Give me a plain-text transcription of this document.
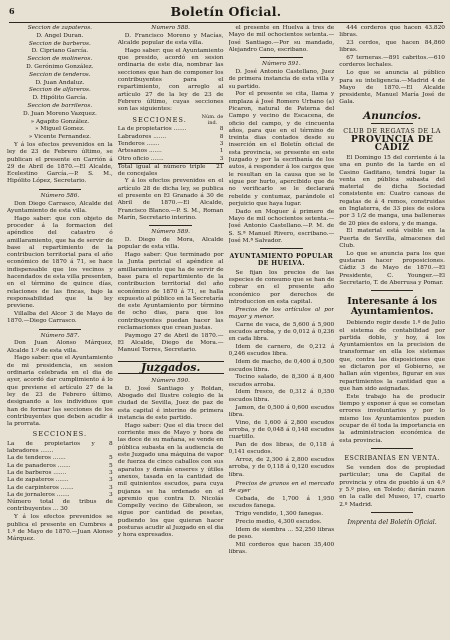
6	Boletín Oficial.

Seccion de zapateros.

D. Angel Duran.

Seccion de barberos.

D. Cipriano García.

Seccion de molineros.

D. Gerónimo González.

Seccion de tenderos.

D. Juan Andaluz.

Seccion de alfareros.

D. Hipólito García.

Seccion de barrileros.

D. Juan Moreno Vazquez.

» Agapito González.

» Miguel Gomez.

» Vicente Fernandez.

Y á los efectos prevenidos en la ley de 23 de Febrero último, se publican el presente en Carrión á 29 de Abril de 1870.—El Alcalde, Ecelestino García.—P. S. M., Hipólito López, Secretario.

Número 586.

Don Diego Carrasco, Alcalde del Ayuntamiento de esta villa.

Hago saber: que con objeto de proceder á la formacion del apéndice del catastro ó amillaramiento, que ha de servir de base al repartimiento de la contribucion territorial para el año económico de 1870 á 71, se hace indispensable que los vecinos y hacendados de esta villa presenten, en el término de quince días, relaciones de las fincas, bajo la responsabilidad que la ley previene.

Villalba del Alcor 3 de Mayo de 1870.—Diego Carrasco.

Número 587.

Don Juan Alonso Márquez, Alcalde 1.º de esta villa.

Hago saber: que el Ayuntamiento de mi presidencia, en sesion ordinaria celebrada en el dia de ayer, acordó dar cumplimiento á lo que previene el artículo 27 de la ley de 23 de Febrero último, designando a los individuos que han de formar las secciones de los contribuyentes que deben acudir á la prorrata.

SECCIONES.
La de propietarios y labradores .......	8
La de tenderos .......	5
La de panaderos .......	5
La de barberos .......	3
La de zapateros .......	3
La de carpinteros .......	3
La de jornaleros .......	3

Número total de tribus de contribuyentes ... 30

Y á los efectos prevenidos se publica el presente en Cumbres a 1.º de Mayo de 1870.—Juan Alonso Márquez.

Número 588.

D. Francisco Moreno y Macías, Alcalde popular de esta villa.

Hago saber: que el Ayuntamiento que presido, acordó en sesion ordinaria de este dia, nombrar las secciones que han de componer los contribuyentes para el repartimiento, con arreglo al artículo 27 de la ley de 23 de Febrero último, cuyas secciones son las siguientes:

SECCIONES.	Núm. de ind.
La de propietarios .......	8
Labradores .......	8
Tenderos .......	3
Artesanos .......	1
Otro oficio .......	3
Total igual al número triple de concejales	21

Y á los efectos prevenidos en el artículo 28 de dicha ley, se publica el presente en El Granado á 30 de Abril de 1870.—El Alcalde, Francisco Blanco.—P. S. M., Roman Marín, Secretario interino.

Número 589.

D. Diego de Mora, Alcalde popular de esta villa.

Hago saber: Que terminado por la Junta pericial el apéndice al amillaramiento que ha de servir de base para el repartimiento de la contribucion territorial del año económico de 1870 á 71, se halla expuesto al público en la Secretaría de este Ayuntamiento por término de ocho dias, para que los contribuyentes puedan hacer las reclamaciones que crean justas.

Paymogo 27 de Abril de 1870.—El Alcalde, Diego de Mora.—Manuel Torres, Secretario.

Juzgados.

Número 590.

D. José Santiago y Roldan, Abogado del Ilustre colegio de la ciudad de Sevilla, Juez de paz de esta capital é interino de primera instancia de este partido.

Hago saber: Que el dia trece del corriente mes de Mayo y hora de las doce de su mañana, se vende en pública subasta en la audiencia de este Juzgado una máquina de vapor de fuerza de cinco caballos con sus aparatos y demás enseres y útiles anexos, tasada en la cantidad de mil quinientos escudos, para cuya pujanza se ha ordenado en el apremio que contra D. Nicolás Compelly vecino de Gibraleon, se sigue por cantidad de pesetas, pudiendo los que quieran hacer posturas acudir al Juzgado en el dia y hora expresados.

el presente en Huelva á tres de Mayo de mil ochocientos setenta.—José Santiago.—Por su mandado, Alejandro Cano, escribano.

Número 591.

D. José Antonio Castellano, Juez de primera instancia de esta villa y su partido.

Por el presente se cita, llama y emplaza á José Romero Urbano (a) Picaron, natural de Paterna del Campo y vecino de Escacena, de oficio del campo, y de cincuenta años, para que en el término de treinta dias contados desde su inserción en el Boletín oficial de esta provincia, se presente en este Juzgado y por la escribanía de los autos, á responder á los cargos que le resultan en la causa que se le sigue por hurto, apercibido que de no verificarlo se le declarará rebelde y contumaz, parándole el perjuicio que haya lugar.

Dado en Moguer á primero de Mayo de mil ochocientos setenta.—José Antonio Castellano.—P. M. de S. S.ª Manuel Rivero, escribano.—José M.ª Salvador.

AYUNTAMIENTO POPULAR DE HUELVA.

Se fijan los precios de las especies de consumo que se han de cobrar en el presente año económico por derechos de introduccion en esta capital.

Precios de los artículos al por mayor y menor.

Carne de vaca, de 5,600 á 5,900 escudos arroba, y de 0,012 á 0,236 en cada libra.

Idem de carnero, de 0,212 á 0,246 escudos libra.

Idem de macho, de 0,400 á 0,500 escudos libra.

Tocino salado, de 8,300 á 8,400 escudos arroba.

Idem fresco, de 0,312 á 0,350 escudos libra.

Jamon, de 0,500 á 0,600 escudos libra.

Vino, de 1,600 á 2,800 escudos arroba, y de 0,048 á 0,148 escudos cuartillo.

Pan de dos libras, de 0,118 á 0,141 escudos.

Arroz, de 2,300 á 2,800 escudos arroba, y de 0,118 á 0,120 escudos libra.

Precios de granos en el mercado de ayer

Cebada, de 1,700 á 1,950 escudos fanega.

Trigo vendido, 1,300 fanegas.

Precio medio, 4,300 escudos.

Idem de siembra ... 52,250 libras de peso.

Mil corderos que hacen 35,400 libras.

444 corderos que hacen 43.820 libras.

23 cerdos, que hacen 84,860 libras.

67 terneras.—891 cabritos.—610 corderos lechales.

Lo que se anuncia al público para su inteligencia.—Madrid 4 de Mayo de 1870.—El Alcalde presidente, Manuel María José de Gala.

Anuncios.
CLUB DE REGATAS DE LA
PROVINCIA DE CÁDIZ

El Domingo 15 del corriente á la una en punto de la tarde en el Casino Gaditano, tendrá lugar la venta en pública subasta del material de dicha Sociedad consistente en: Cuatro canoas de regatas de á 4 remos, construidas en Inglaterra, de 33 pies de eslora por 3 1/2 de manga, una balleneras de 20 pies de eslora, y de manga.

El material está visible en la Puerta de Sevilla, almacenes del Club.

Lo que se anuncia para los que gustaran hacer proposiciones. Cádiz 3 de Mayo de 1870.—El Presidente, C. Younger.—El Secretario, T. de Aberrusa y Pomar.

Interesante á los Ayuntamientos.

Debiendo regir desde 1.º de Julio el sistema de contabilidad por partida doble, y hoy, á los Ayuntamientos en la precision de transformar en ella los sistemas que, contra las disposiciones que se dictaron por el Gobierno, se hallan aún vigentes, figurar en sus repartimientos la cantidad que a que han sido asignadas.

Este trabajo ha de producir tiempo y exponer á que se cometan errores involuntarios y por lo mismo los Ayuntamientos pueden ocupar de él toda la importancia en la administracion económica de esta provincia.

ESCRIBANÍAS EN VENTA.

Se venden dos de propiedad particular; una de Capital de provincia y otra de pueblo á un 4.º y 5.º piso, en Toledo; darán razon en la calle del Museo, 17, cuarto 2.º Madrid.

Imprenta del Boletín Oficial.
